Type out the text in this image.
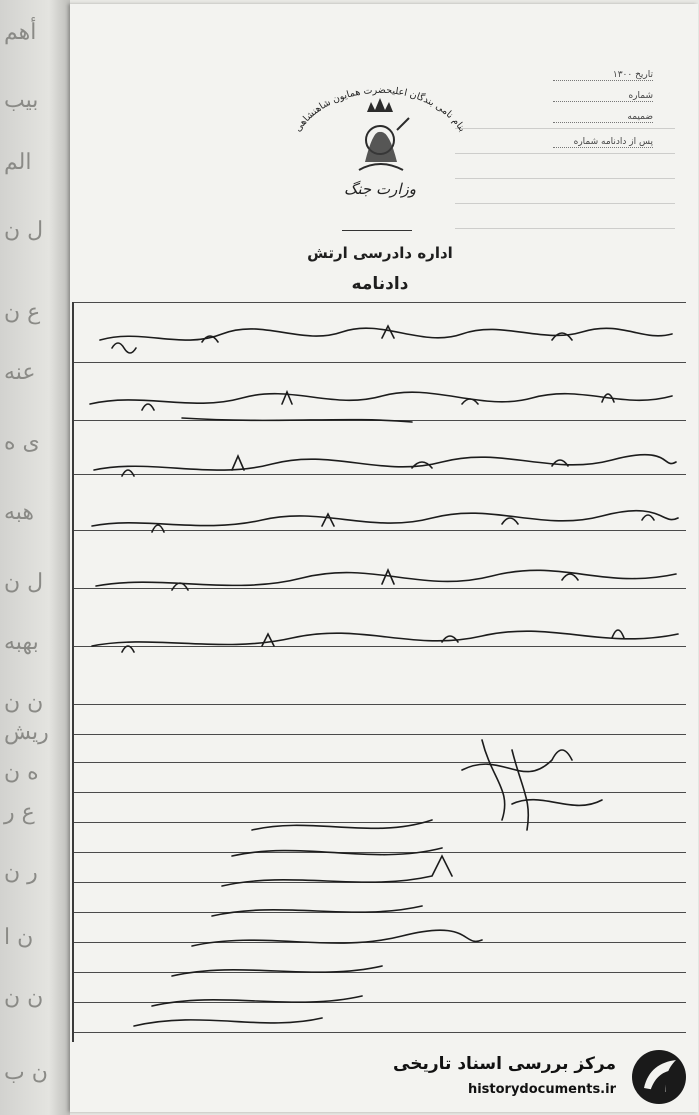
أهم
بیب
الم
ل ن
ع ن
عنه
ی ه
هبه
ل ن
بهبه
ن ن
ریش
ه ن
ع ر
ر ن
ن ا
ن ن
ن ب
تاریخ ۱۳۰۰
شماره
ضمیمه
پس از دادنامه شماره
بنام نامی بندگان اعلیحضرت همایون شاهنشاهی
وزارت جنگ
اداره دادرسی ارتش
دادنامه
مرکز بررسی اسناد تاریخی
historydocuments.ir
